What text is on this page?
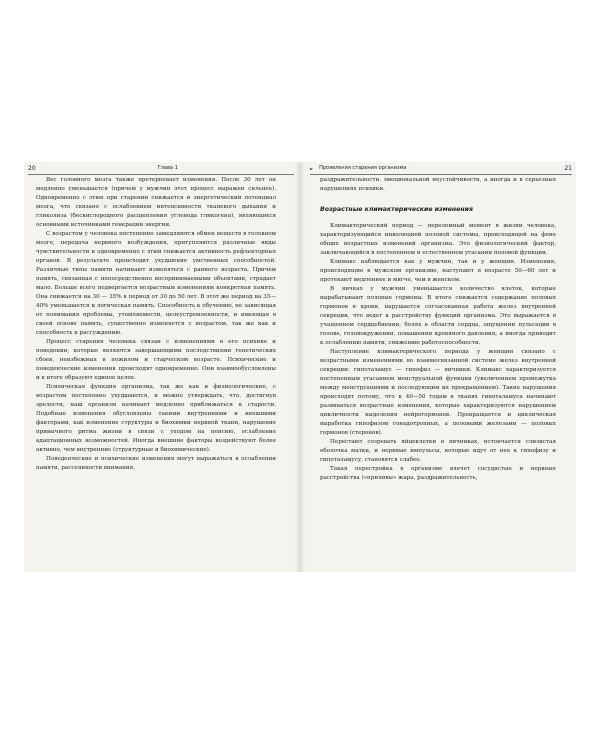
20	Глава 1

Вес головного мозга также претерпевает изменения. После 30 лет он медленно уменьшается (причем у мужчин этот процесс выражен сильнее). Одновременно с этим при старении снижается и энергетический потенциал мозга, что связано с ослаблением интенсивности тканевого дыхания и гликолиза (бескислородного расщепления углевода гликогена), являющихся основными источниками генерации энергии.

С возрастом у человека постепенно замедляются обмен веществ в головном мозге, передача нервного возбуждения, притупляются различные виды чувствительности и одновременно с этим снижается активность рефлекторных органов. В результате происходит ухудшение умственных способностей. Различные типы памяти начинают изменяться с раннего возраста. Причем память, связанная с непосредственно воспринимаемыми объектами, страдает мало. Больше всего подвергается возрастным изменениям конкретная память. Она снижается на 30 — 35% в период от 30 до 50 лет. В этот же период на 35—40% уменьшается и логическая память. Способность к обучению, не зависящая от понимания проблемы, утомляемости, целеустремленности, и имеющая в своей основе память, существенно изменяется с возрастом, так же как и способность к рассуждению.

Процесс старения человека связан с изменениями в его психике и поведении, которые являются завершающими последствиями генетических сбоев, неизбежных в пожилом и старческом возрасте. Психические и поведенческие изменения происходят одновременно. Они взаимообусловлены и в итоге образуют единое целое.

Психическая функция организма, так же как и физиологические, с возрастом постепенно ухудшаются, и можно утверждать, что, достигнув зрелости, наш организм начинает медленно приближаться к старости. Подобные изменения обусловлены такими внутренними и внешними факторами, как изменение структуры и биохимии нервной ткани, нарушение привычного ритма жизни в связи с уходом на пенсию, ослабление адаптационных возможностей. Иногда внешние факторы воздействуют более активно, чем внутренние (структурные и биохимические).

Поведенческие и психические изменения могут выражаться в ослаблении памяти, рассеянности внимания,

► Проявления старения организма	21

раздражительности, эмоциональной неустойчивости, а иногда и в серьезных нарушениях психики.

Возрастные климактерические изменения

Климактерический период — переломный момент в жизни человека, характеризующийся инволюцией половой системы, происходящей на фоне общих возрастных изменений организма. Это физиологический фактор, заключающийся в постепенном и естественном угасании половой функции.

Климакс наблюдается как у мужчин, так и у женщин. Изменения, происходящие в мужском организме, наступают в возрасте 50—60 лет и протекают медленнее и мягче, чем в женском.

В яичках у мужчин уменьшается количество клеток, которые вырабатывают половые гормоны. В итоге снижается содержание половых гормонов в крови, нарушается согласованная работа желез внутренней секреции, что ведет к расстройству функций организма. Это выражается в учащенном сердцебиении, болях в области сердца, ощущении пульсации в голове, головокружении, повышении кровяного давления, а иногда приводит к ослаблению памяти, снижению работоспособности.

Наступление климактерического периода у женщин связано с возрастными изменениями во взаимосвязанной системе желез внутренней секреции: гипоталамус — гипофиз — яичники. Климакс характеризуется постепенным угасанием менструальной функции (увеличением промежутка между менструациями и последующим их прекращением). Такие нарушения происходят потому, что к 40—50 годам в тканях гипоталамуса начинают развиваться возрастные изменения, которые характеризуются нарушением цикличности выделения нейрогормонов. Прекращается и циклическая выработка гипофизом гонадотропных, а половыми железами — половых гормонов (стеронов).

Перестают созревать яйцеклетки в яичниках, истончается слизистая оболочка матки, и нервные импульсы, которые идут от нее к гипофизу и гипоталамусу, становятся слабее.

Такая перестройка в организме влечет сосудистые и нервные расстройства («приливы» жара, раздражительность,
